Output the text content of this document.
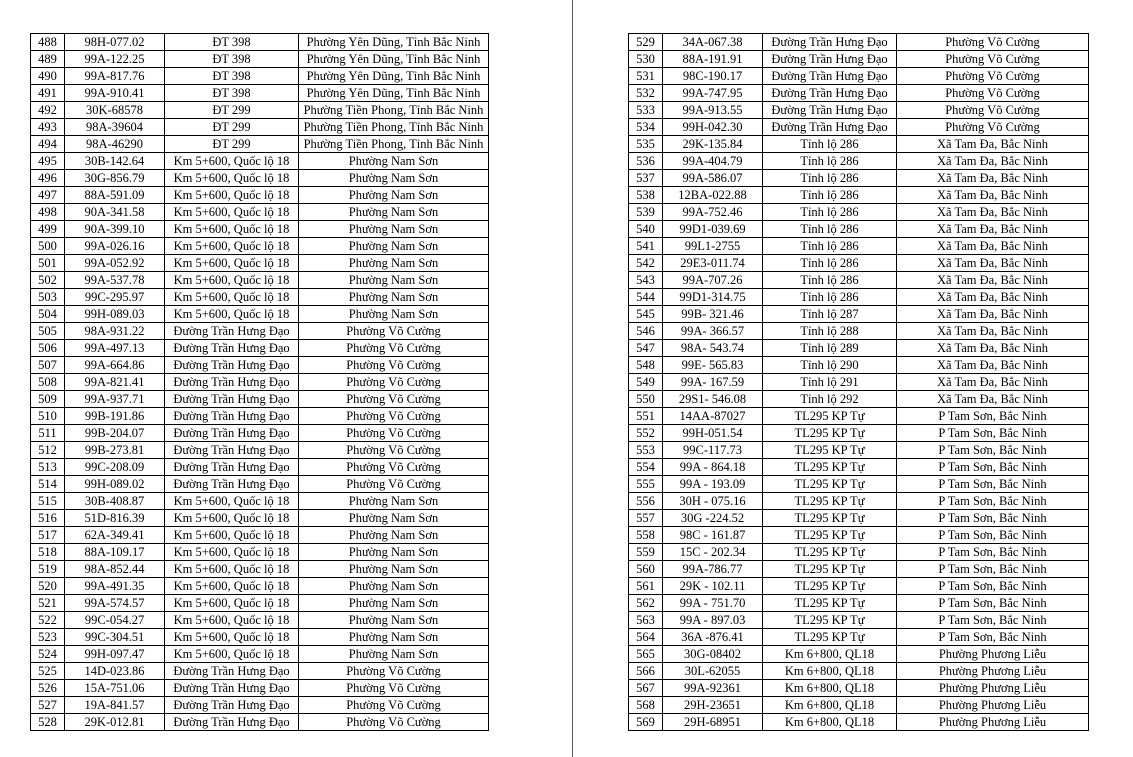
488	98H-077.02	ĐT 398	Phường Yên Dũng, Tỉnh Bắc Ninh
489	99A-122.25	ĐT 398	Phường Yên Dũng, Tỉnh Bắc Ninh
490	99A-817.76	ĐT 398	Phường Yên Dũng, Tỉnh Bắc Ninh
491	99A-910.41	ĐT 398	Phường Yên Dũng, Tỉnh Bắc Ninh
492	30K-68578	ĐT 299	Phường Tiền Phong, Tỉnh Bắc Ninh
493	98A-39604	ĐT 299	Phường Tiền Phong, Tỉnh Bắc Ninh
494	98A-46290	ĐT 299	Phường Tiền Phong, Tỉnh Bắc Ninh
495	30B-142.64	Km 5+600, Quốc lộ 18	Phường Nam Sơn
496	30G-856.79	Km 5+600, Quốc lộ 18	Phường Nam Sơn
497	88A-591.09	Km 5+600, Quốc lộ 18	Phường Nam Sơn
498	90A-341.58	Km 5+600, Quốc lộ 18	Phường Nam Sơn
499	90A-399.10	Km 5+600, Quốc lộ 18	Phường Nam Sơn
500	99A-026.16	Km 5+600, Quốc lộ 18	Phường Nam Sơn
501	99A-052.92	Km 5+600, Quốc lộ 18	Phường Nam Sơn
502	99A-537.78	Km 5+600, Quốc lộ 18	Phường Nam Sơn
503	99C-295.97	Km 5+600, Quốc lộ 18	Phường Nam Sơn
504	99H-089.03	Km 5+600, Quốc lộ 18	Phường Nam Sơn
505	98A-931.22	Đường Trần Hưng Đạo	Phường Võ Cường
506	99A-497.13	Đường Trần Hưng Đạo	Phường Võ Cường
507	99A-664.86	Đường Trần Hưng Đạo	Phường Võ Cường
508	99A-821.41	Đường Trần Hưng Đạo	Phường Võ Cường
509	99A-937.71	Đường Trần Hưng Đạo	Phường Võ Cường
510	99B-191.86	Đường Trần Hưng Đạo	Phường Võ Cường
511	99B-204.07	Đường Trần Hưng Đạo	Phường Võ Cường
512	99B-273.81	Đường Trần Hưng Đạo	Phường Võ Cường
513	99C-208.09	Đường Trần Hưng Đạo	Phường Võ Cường
514	99H-089.02	Đường Trần Hưng Đạo	Phường Võ Cường
515	30B-408.87	Km 5+600, Quốc lộ 18	Phường Nam Sơn
516	51D-816.39	Km 5+600, Quốc lộ 18	Phường Nam Sơn
517	62A-349.41	Km 5+600, Quốc lộ 18	Phường Nam Sơn
518	88A-109.17	Km 5+600, Quốc lộ 18	Phường Nam Sơn
519	98A-852.44	Km 5+600, Quốc lộ 18	Phường Nam Sơn
520	99A-491.35	Km 5+600, Quốc lộ 18	Phường Nam Sơn
521	99A-574.57	Km 5+600, Quốc lộ 18	Phường Nam Sơn
522	99C-054.27	Km 5+600, Quốc lộ 18	Phường Nam Sơn
523	99C-304.51	Km 5+600, Quốc lộ 18	Phường Nam Sơn
524	99H-097.47	Km 5+600, Quốc lộ 18	Phường Nam Sơn
525	14D-023.86	Đường Trần Hưng Đạo	Phường Võ Cường
526	15A-751.06	Đường Trần Hưng Đạo	Phường Võ Cường
527	19A-841.57	Đường Trần Hưng Đạo	Phường Võ Cường
528	29K-012.81	Đường Trần Hưng Đạo	Phường Võ Cường
529	34A-067.38	Đường Trần Hưng Đạo	Phường Võ Cường
530	88A-191.91	Đường Trần Hưng Đạo	Phường Võ Cường
531	98C-190.17	Đường Trần Hưng Đạo	Phường Võ Cường
532	99A-747.95	Đường Trần Hưng Đạo	Phường Võ Cường
533	99A-913.55	Đường Trần Hưng Đạo	Phường Võ Cường
534	99H-042.30	Đường Trần Hưng Đạo	Phường Võ Cường
535	29K-135.84	Tỉnh lộ 286	Xã Tam Đa, Bắc Ninh
536	99A-404.79	Tỉnh lộ 286	Xã Tam Đa, Bắc Ninh
537	99A-586.07	Tỉnh lộ 286	Xã Tam Đa, Bắc Ninh
538	12BA-022.88	Tỉnh lộ 286	Xã Tam Đa, Bắc Ninh
539	99A-752.46	Tỉnh lộ 286	Xã Tam Đa, Bắc Ninh
540	99D1-039.69	Tỉnh lộ 286	Xã Tam Đa, Bắc Ninh
541	99L1-2755	Tỉnh lộ 286	Xã Tam Đa, Bắc Ninh
542	29E3-011.74	Tỉnh lộ 286	Xã Tam Đa, Bắc Ninh
543	99A-707.26	Tỉnh lộ 286	Xã Tam Đa, Bắc Ninh
544	99D1-314.75	Tỉnh lộ 286	Xã Tam Đa, Bắc Ninh
545	99B- 321.46	Tỉnh lộ 287	Xã Tam Đa, Bắc Ninh
546	99A- 366.57	Tỉnh lộ 288	Xã Tam Đa, Bắc Ninh
547	98A- 543.74	Tỉnh lộ 289	Xã Tam Đa, Bắc Ninh
548	99E- 565.83	Tỉnh lộ 290	Xã Tam Đa, Bắc Ninh
549	99A- 167.59	Tỉnh lộ 291	Xã Tam Đa, Bắc Ninh
550	29S1- 546.08	Tỉnh lộ 292	Xã Tam Đa, Bắc Ninh
551	14AA-87027	TL295 KP Tự	P Tam Sơn, Bắc Ninh
552	99H-051.54	TL295 KP Tự	P Tam Sơn, Bắc Ninh
553	99C-117.73	TL295 KP Tự	P Tam Sơn, Bắc Ninh
554	99A - 864.18	TL295 KP Tự	P Tam Sơn, Bắc Ninh
555	99A - 193.09	TL295 KP Tự	P Tam Sơn, Bắc Ninh
556	30H - 075.16	TL295 KP Tự	P Tam Sơn, Bắc Ninh
557	30G -224.52	TL295 KP Tự	P Tam Sơn, Bắc Ninh
558	98C - 161.87	TL295 KP Tự	P Tam Sơn, Bắc Ninh
559	15C - 202.34	TL295 KP Tự	P Tam Sơn, Bắc Ninh
560	99A-786.77	TL295 KP Tự	P Tam Sơn, Bắc Ninh
561	29K - 102.11	TL295 KP Tự	P Tam Sơn, Bắc Ninh
562	99A - 751.70	TL295 KP Tự	P Tam Sơn, Bắc Ninh
563	99A - 897.03	TL295 KP Tự	P Tam Sơn, Bắc Ninh
564	36A -876.41	TL295 KP Tự	P Tam Sơn, Bắc Ninh
565	30G-08402	Km 6+800, QL18	Phường Phương Liễu
566	30L-62055	Km 6+800, QL18	Phường Phương Liễu
567	99A-92361	Km 6+800, QL18	Phường Phương Liễu
568	29H-23651	Km 6+800, QL18	Phường Phương Liễu
569	29H-68951	Km 6+800, QL18	Phường Phương Liễu
